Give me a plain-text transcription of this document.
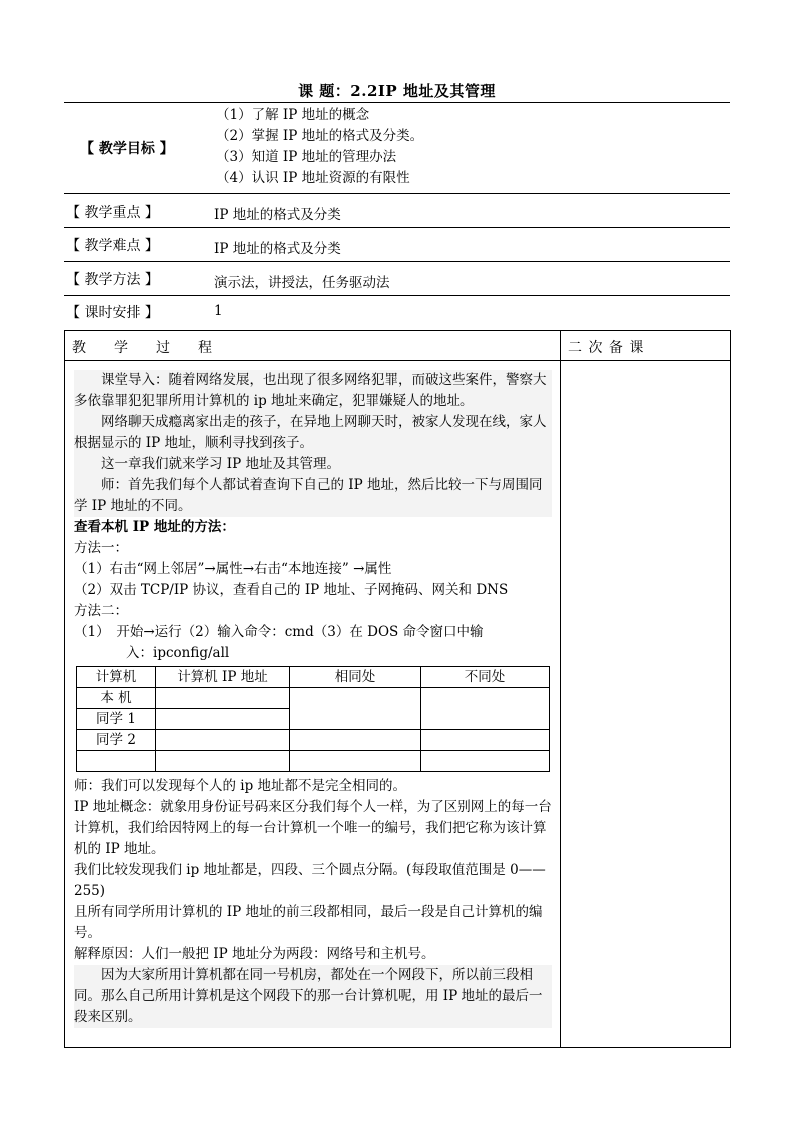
课 题：2.2IP 地址及其管理
【 教学目标 】
（1）了解 IP 地址的概念
（2）掌握 IP 地址的格式及分类。
（3）知道 IP 地址的管理办法
（4）认识 IP 地址资源的有限性
【 教学重点 】	IP 地址的格式及分类
【 教学难点 】	IP 地址的格式及分类
【 教学方法 】	演示法，讲授法，任务驱动法
【 课时安排 】	1
教　　学　　过　　程	二 次 备 课

课堂导入：随着网络发展，也出现了很多网络犯罪，而破这些案件，警察大多依靠罪犯犯罪所用计算机的 ip 地址来确定，犯罪嫌疑人的地址。

网络聊天成瘾离家出走的孩子，在异地上网聊天时，被家人发现在线，家人根据显示的 IP 地址，顺利寻找到孩子。

这一章我们就来学习 IP 地址及其管理。

师：首先我们每个人都试着查询下自己的 IP 地址，然后比较一下与周围同学 IP 地址的不同。

查看本机 IP 地址的方法：

方法一：

（1）右击“网上邻居”→属性→右击“本地连接” →属性

（2）双击 TCP/IP 协议，查看自己的 IP 地址、子网掩码、网关和 DNS

方法二：

（1）　开始→运行（2）输入命令：cmd（3）在 DOS 命令窗口中输

入：ipconfig/all

计算机	计算机 IP 地址	相同处	不同处
本 机			
同学 1			
同学 2			

师：我们可以发现每个人的 ip 地址都不是完全相同的。

IP 地址概念：就象用身份证号码来区分我们每个人一样，为了区别网上的每一台计算机，我们给因特网上的每一台计算机一个唯一的编号，我们把它称为该计算机的 IP 地址。

我们比较发现我们 ip 地址都是，四段、三个圆点分隔。(每段取值范围是 0——255)

且所有同学所用计算机的 IP 地址的前三段都相同，最后一段是自己计算机的编号。

解释原因：人们一般把 IP 地址分为两段：网络号和主机号。

因为大家所用计算机都在同一号机房，都处在一个网段下，所以前三段相同。那么自己所用计算机是这个网段下的那一台计算机呢，用 IP 地址的最后一段来区别。
